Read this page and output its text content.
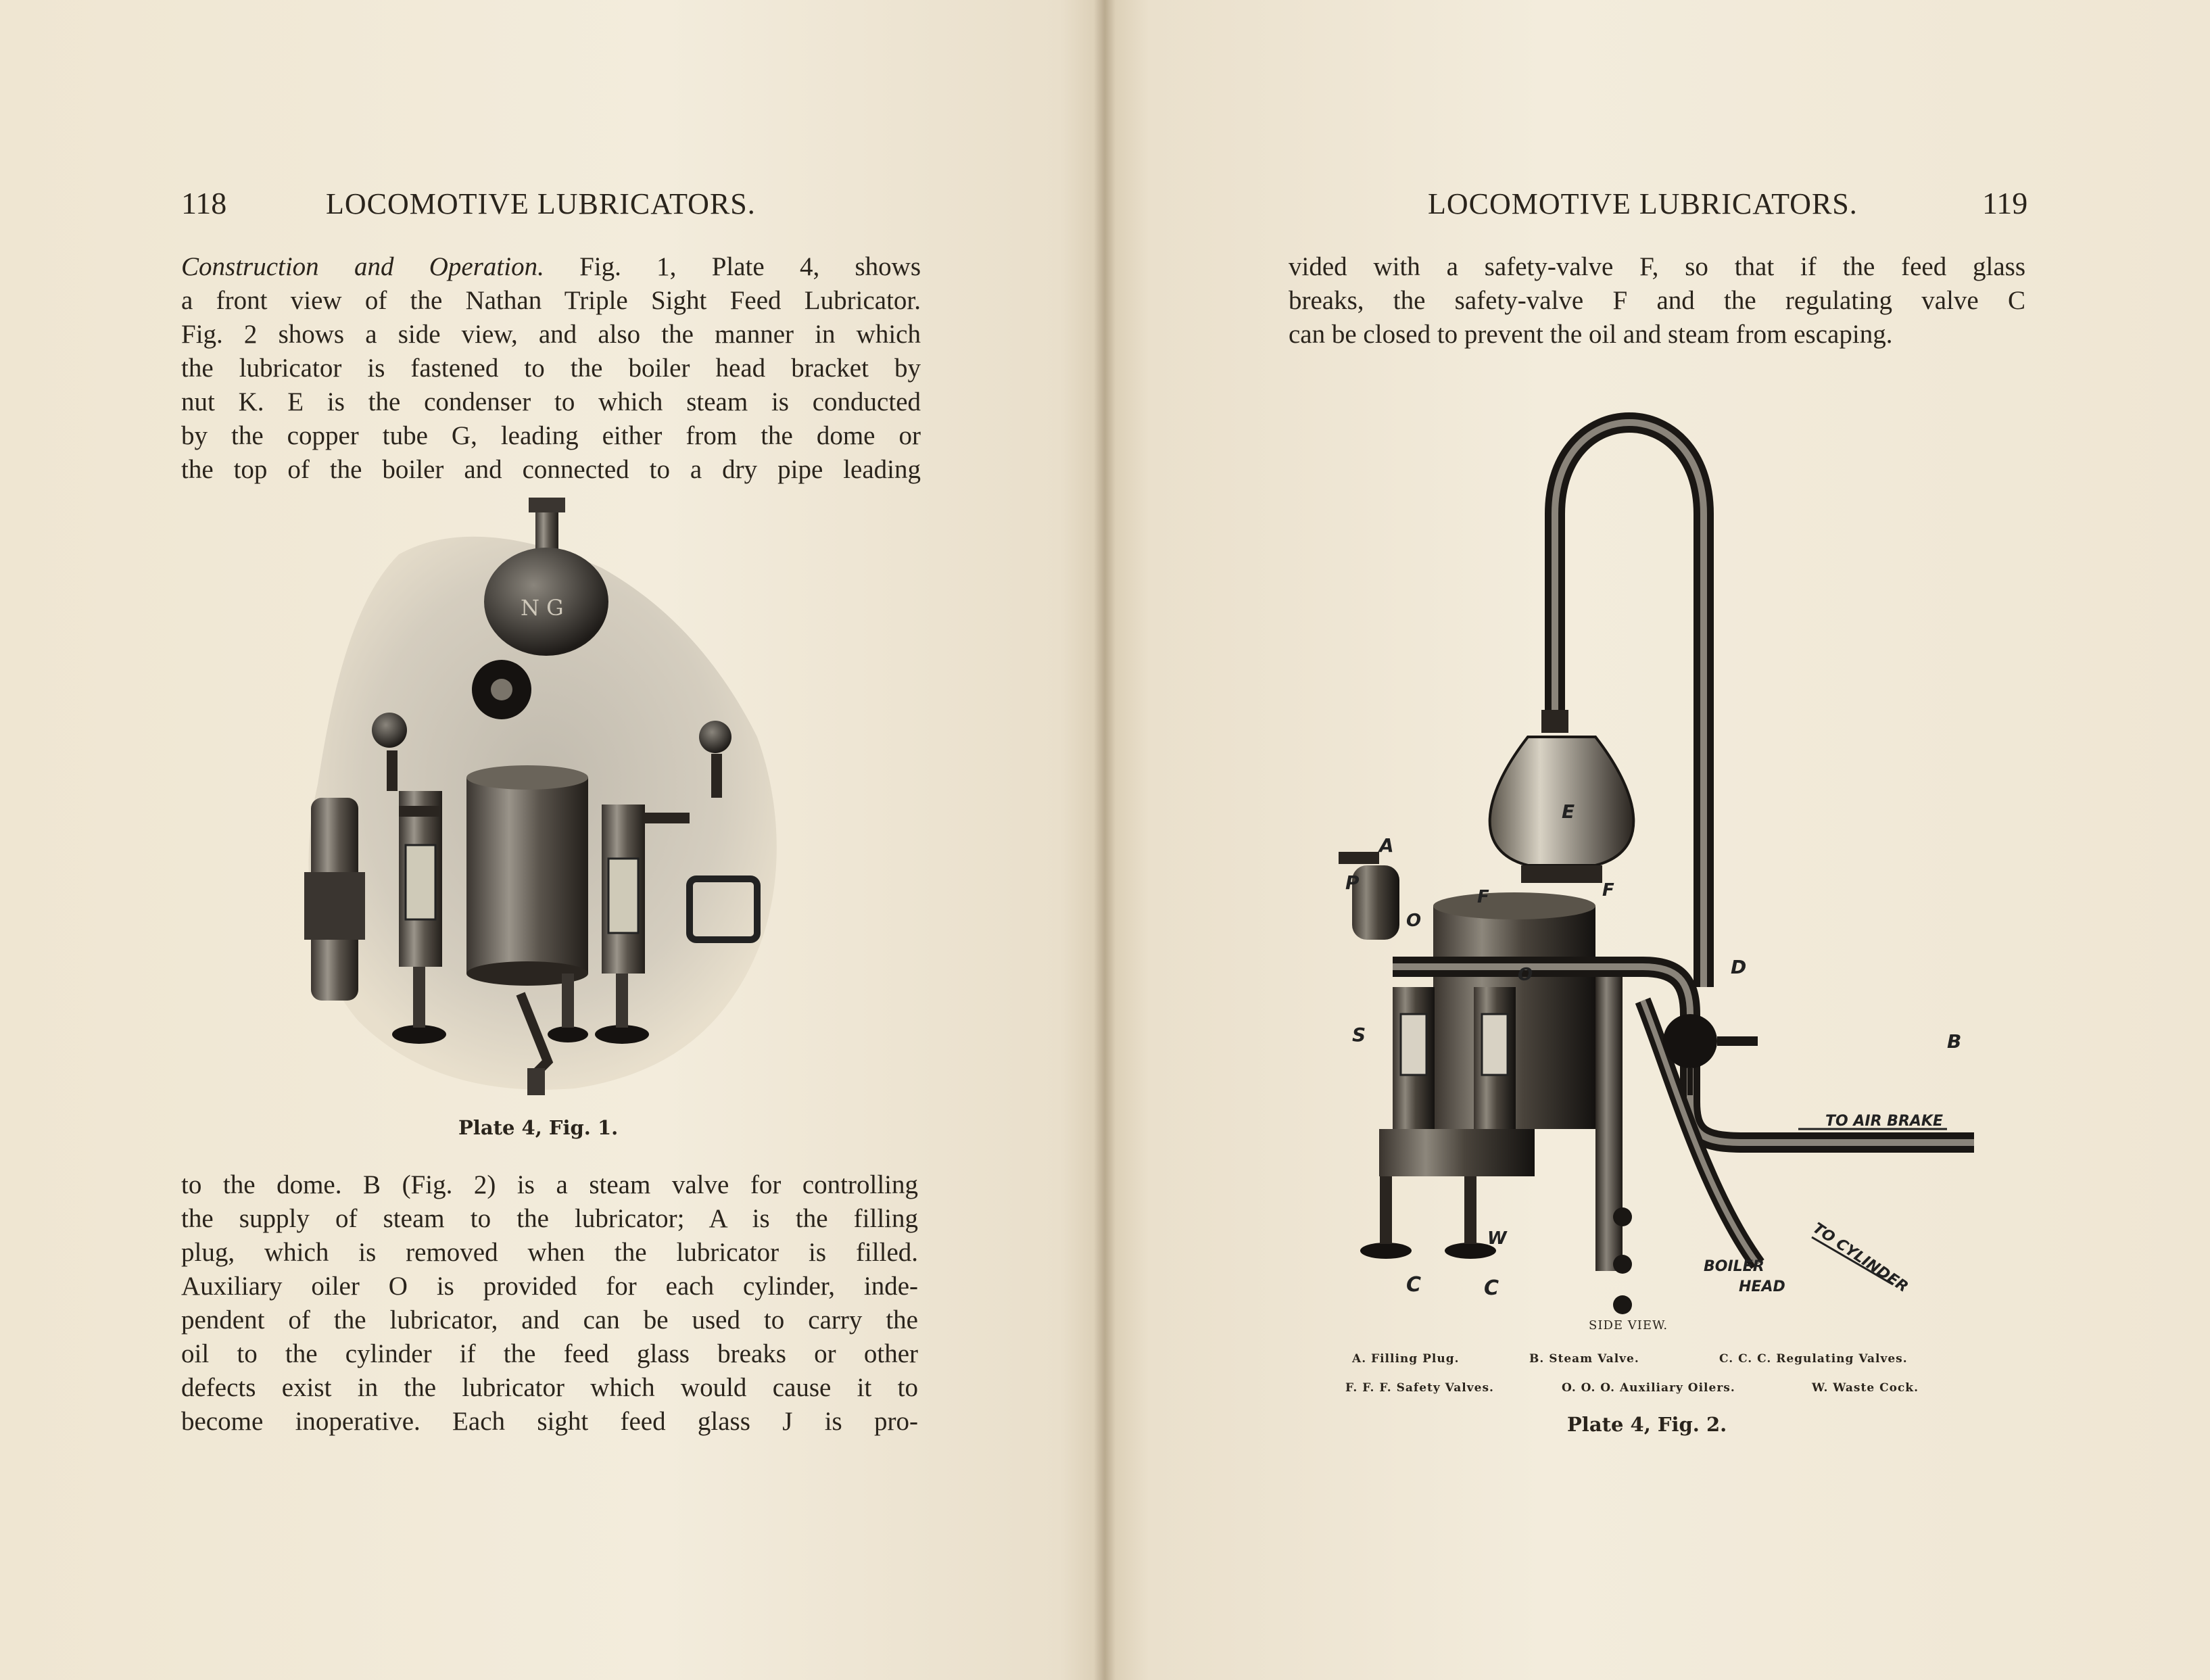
118	LOCOMOTIVE LUBRICATORS.
Construction and Operation. Fig. 1, Plate 4, shows
a front view of the Nathan Triple Sight Feed Lubricator.
Fig. 2 shows a side view, and also the manner in which
the lubricator is fastened to the boiler head bracket by
nut K. E is the condenser to which steam is conducted
by the copper tube G, leading either from the dome or
the top of the boiler and connected to a dry pipe leading
N G
Plate 4, Fig. 1.
to the dome. B (Fig. 2) is a steam valve for controlling
the supply of steam to the lubricator; A is the filling
plug, which is removed when the lubricator is filled.
Auxiliary oiler O is provided for each cylinder, inde-
pendent of the lubricator, and can be used to carry the
oil to the cylinder if the feed glass breaks or other
defects exist in the lubricator which would cause it to
become inoperative. Each sight feed glass J is pro-
LOCOMOTIVE LUBRICATORS.	119
vided with a safety-valve F, so that if the feed glass
breaks, the safety-valve F and the regulating valve C
can be closed to prevent the oil and steam from escaping.
E
A
P
O
O
F	F
D
S	B
W
C	C
TO AIR BRAKE
TO CYLINDER
BOILER
HEAD
SIDE VIEW.
A. Filling Plug.	B. Steam Valve.	C. C. C. Regulating Valves.
F. F. F. Safety Valves.	O. O. O. Auxiliary Oilers.	W. Waste Cock.
Plate 4, Fig. 2.
